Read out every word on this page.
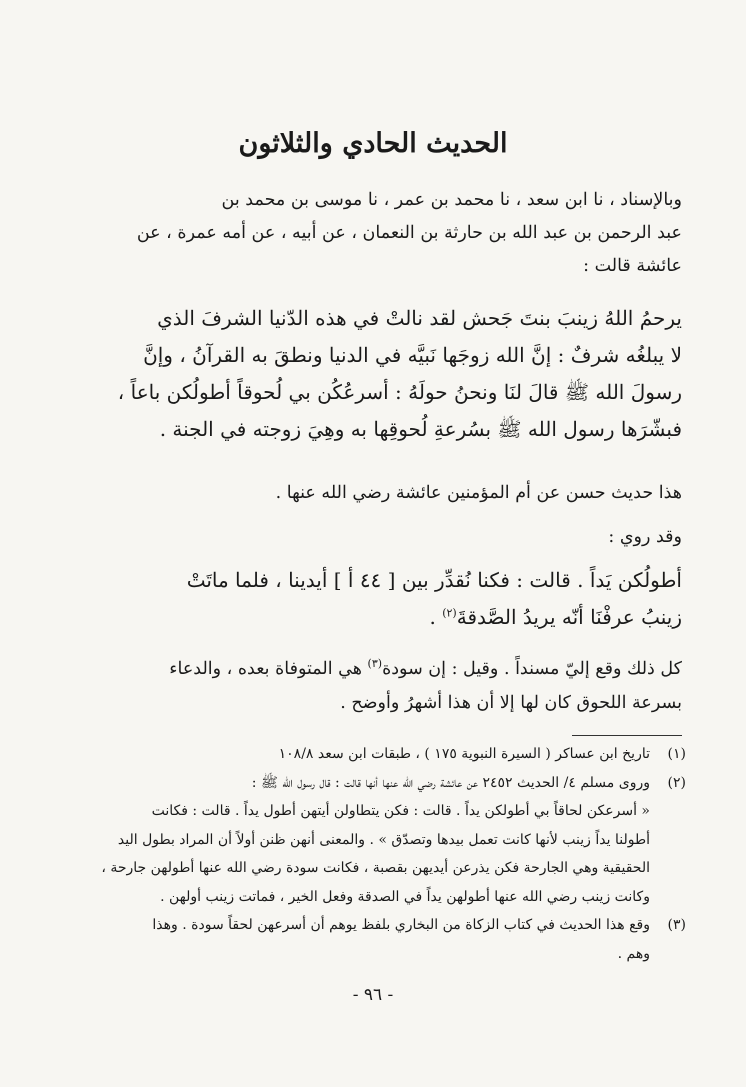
الحديث الحادي والثلاثون
وبالإسناد ، نا ابن سعد ، نا محمد بن عمر ، نا موسى بن محمد بن
عبد الرحمن بن عبد الله بن حارثة بن النعمان ، عن أبيه ، عن أمه عمرة ، عن
عائشة قالت :
يرحمُ اللهُ زينبَ بنتَ جَحش لقد نالتْ في هذه الدّنيا الشرفَ الذي
لا يبلغُه شرفٌ : إنَّ الله زوجَها نَبيَّه في الدنيا ونطقَ به القرآنُ ، وإنَّ
رسولَ الله ﷺ قالَ لنَا ونحنُ حولَهُ : أسرعُكُن بي لُحوقاً أطولُكن باعاً ،
فبشّرَها رسول الله ﷺ بسُرعةِ لُحوقِها به وهِيَ زوجته في الجنة .
هذا حديث حسن عن أم المؤمنين عائشة رضي الله عنها .
وقد روي :
أطولُكن يَداً . قالت : فكنا نُقدِّر بين [ ٤٤ أ ] أيدينا ، فلما ماتَتْ
زينبُ عرفْنَا أنّه يريدُ الصَّدقةَ$^{(٢)}$ .
كل ذلك وقع إليّ مسنداً . وقيل : إن سودة$^{(٣)}$ هي المتوفاة بعده ، والدعاء
بسرعة اللحوق كان لها إلا أن هذا أشهرُ وأوضح .
(١)
تاريخ ابن عساكر ( السيرة النبوية ١٧٥ ) ، طبقات ابن سعد ١٠٨/٨
(٢)
وروى مسلم ٤/ الحديث ٢٤٥٢ عن عائشة رضي الله عنها أنها قالت : قال رسول الله ﷺ :
« أسرعكن لحاقاً بي أطولكن يداً . قالت : فكن يتطاولن أيتهن أطول يداً . قالت : فكانت
أطولنا يداً زينب لأنها كانت تعمل بيدها وتصدّق » . والمعنى أنهن ظنن أولاً أن المراد بطول اليد
الحقيقية وهي الجارحة فكن يذرعن أيديهن بقصبة ، فكانت سودة رضي الله عنها أطولهن جارحة ،
وكانت زينب رضي الله عنها أطولهن يداً في الصدقة وفعل الخير ، فماتت زينب أولهن .
(٣)
وقع هذا الحديث في كتاب الزكاة من البخاري بلفظ يوهم أن أسرعهن لحقاً سودة . وهذا
وهم .
- ٩٦ -
